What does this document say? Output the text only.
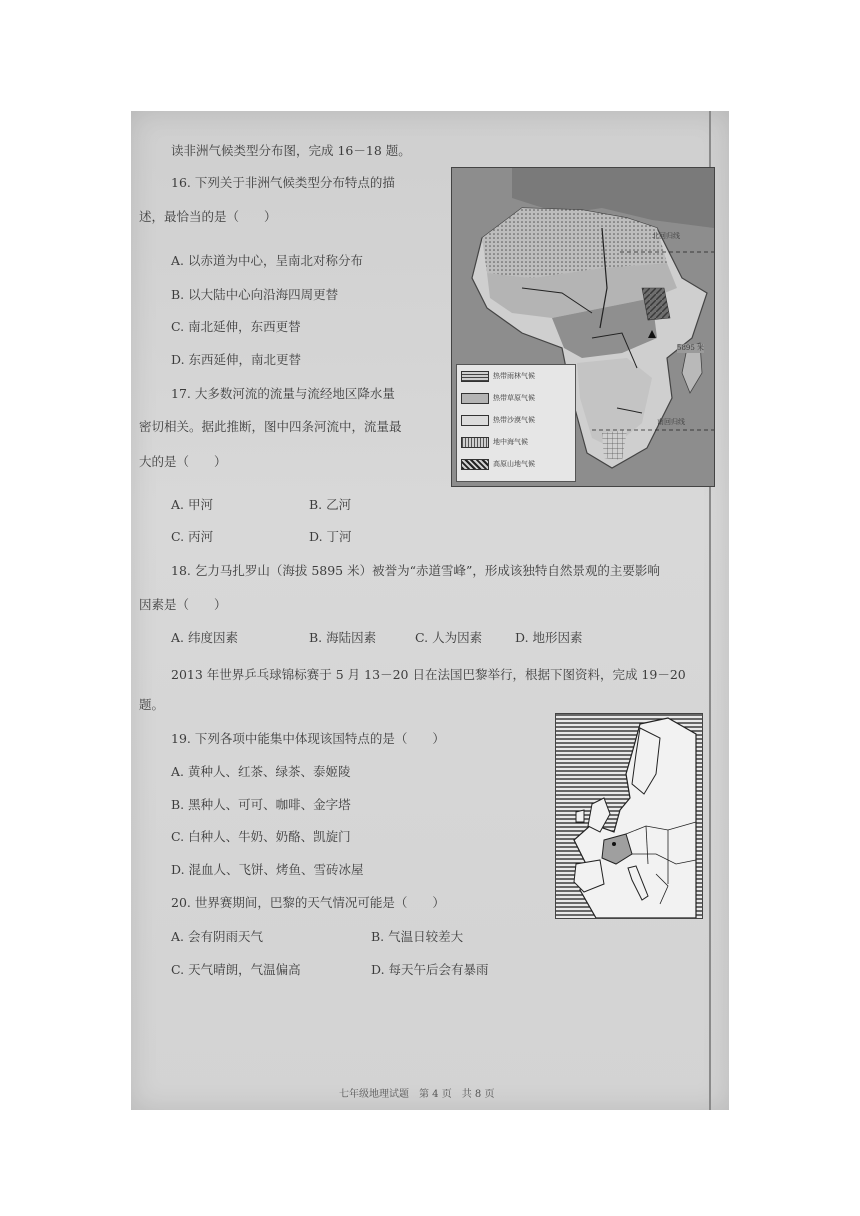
读非洲气候类型分布图，完成 16－18 题。
16. 下列关于非洲气候类型分布特点的描
述，最恰当的是（　　）
A. 以赤道为中心，呈南北对称分布
B. 以大陆中心向沿海四周更替
C. 南北延伸，东西更替
D. 东西延伸，南北更替
17. 大多数河流的流量与流经地区降水量
密切相关。据此推断，图中四条河流中，流量最
大的是（　　）
A. 甲河	B. 乙河
C. 丙河	D. 丁河
北回归线
5895 米
南回归线
热带雨林气候
热带草原气候
热带沙漠气候
地中海气候
高原山地气候
18. 乞力马扎罗山（海拔 5895 米）被誉为“赤道雪峰”，形成该独特自然景观的主要影响
因素是（　　）
A. 纬度因素	B. 海陆因素	C. 人为因素	D. 地形因素
2013 年世界乒乓球锦标赛于 5 月 13－20 日在法国巴黎举行，根据下图资料，完成 19－20
题。
19. 下列各项中能集中体现该国特点的是（　　）
A. 黄种人、红茶、绿茶、泰姬陵
B. 黑种人、可可、咖啡、金字塔
C. 白种人、牛奶、奶酪、凯旋门
D. 混血人、飞饼、烤鱼、雪砖冰屋
20. 世界赛期间，巴黎的天气情况可能是（　　）
A. 会有阴雨天气	B. 气温日较差大
C. 天气晴朗，气温偏高	D. 每天午后会有暴雨
七年级地理试题　第 4 页　共 8 页
